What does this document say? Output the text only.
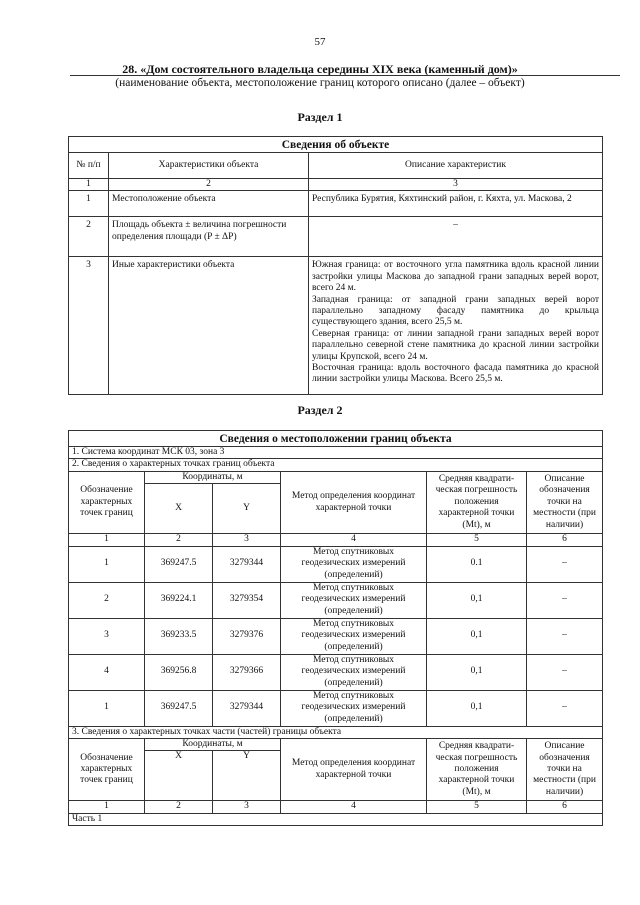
57
28. «Дом состоятельного владельца середины XIX века (каменный дом)»
(наименование объекта, местоположение границ которого описано (далее – объект)
Раздел 1
Сведения об объекте		
№ п/п	Характеристики объекта	Описание характеристик
1	2	3
1	Местоположение объекта	Республика Бурятия, Кяхтинский район, г. Кяхта, ул. Маскова, 2
2	Площадь объекта ± величина погрешности определения площади (P ± ΔP)	–
3	Иные характеристики объекта	Южная граница: от восточного угла памятника вдоль красной линии застройки улицы Маскова до западной грани западных верей ворот, всего 24 м.
Западная граница: от западной грани западных верей ворот параллельно западному фасаду памятника до крыльца существующего здания, всего 25,5 м.
Северная граница: от линии западной грани западных верей ворот параллельно северной стене памятника до красной линии застройки улицы Крупской, всего 24 м.
Восточная граница: вдоль восточного фасада памятника до красной линии застройки улицы Маскова. Всего 25,5 м.
Раздел 2
Сведения о местоположении границ объекта					
1. Система координат МСК 03, зона 3					
2. Сведения о характерных точках границ объекта					
Обозначение характерных точек границ	Координаты, м		Метод определения координат характерной точки	Средняя квадрати-ческая погрешность положения характерной точки (Mt), м	Описание обозначения точки на местности (при наличии)
	X	Y			
1	2	3	4	5	6
1	369247.5	3279344	Метод спутниковых геодезических измерений (определений)	0.1	–
2	369224.1	3279354	Метод спутниковых геодезических измерений (определений)	0,1	–
3	369233.5	3279376	Метод спутниковых геодезических измерений (определений)	0,1	–
4	369256.8	3279366	Метод спутниковых геодезических измерений (определений)	0,1	–
1	369247.5	3279344	Метод спутниковых геодезических измерений (определений)	0,1	–
3. Сведения о характерных точках части (частей) границы объекта					
Обозначение характерных точек границ	Координаты, м		Метод определения координат характерной точки	Средняя квадрати-ческая погрешность положения характерной точки (Mt), м	Описание обозначения точки на местности (при наличии)
	X	Y			
1	2	3	4	5	6
Часть 1					
